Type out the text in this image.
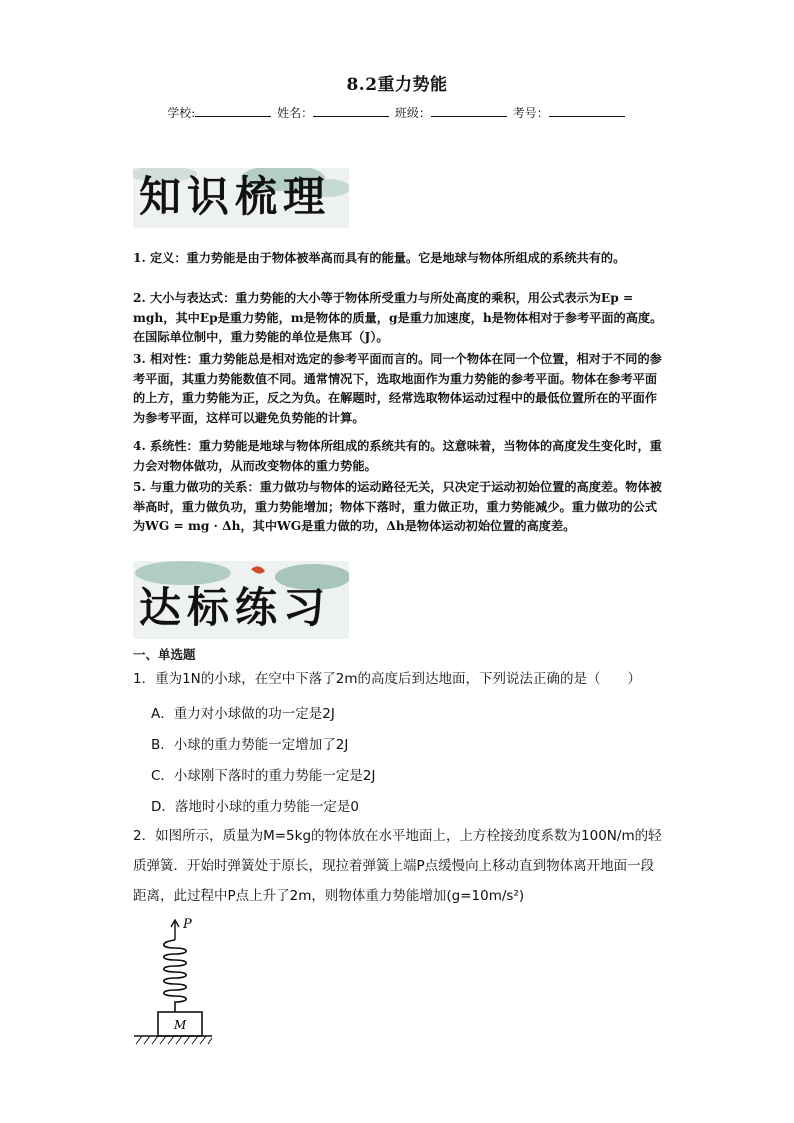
8.2重力势能
学校:	姓名：	班级：	考号：
知识梳理
1. 定义：重力势能是由于物体被举高而具有的能量。它是地球与物体所组成的系统共有的。
2. 大小与表达式：重力势能的大小等于物体所受重力与所处高度的乘积，用公式表示为Ep = mgh，其中Ep是重力势能，m是物体的质量，g是重力加速度，h是物体相对于参考平面的高度。在国际单位制中，重力势能的单位是焦耳（J）。
3. 相对性：重力势能总是相对选定的参考平面而言的。同一个物体在同一个位置，相对于不同的参考平面，其重力势能数值不同。通常情况下，选取地面作为重力势能的参考平面。物体在参考平面的上方，重力势能为正，反之为负。在解题时，经常选取物体运动过程中的最低位置所在的平面作为参考平面，这样可以避免负势能的计算。
4. 系统性：重力势能是地球与物体所组成的系统共有的。这意味着，当物体的高度发生变化时，重力会对物体做功，从而改变物体的重力势能。
5. 与重力做功的关系：重力做功与物体的运动路径无关，只决定于运动初始位置的高度差。物体被举高时，重力做负功，重力势能增加；物体下落时，重力做正功，重力势能减少。重力做功的公式为WG = mg · Δh，其中WG是重力做的功，Δh是物体运动初始位置的高度差。
达标练习
一、单选题
1．重为1N的小球，在空中下落了2m的高度后到达地面，下列说法正确的是（　　）
A．重力对小球做的功一定是2J
B．小球的重力势能一定增加了2J
C．小球刚下落时的重力势能一定是2J
D．落地时小球的重力势能一定是0
2．如图所示，质量为M=5kg的物体放在水平地面上，上方栓接劲度系数为100N/m的轻质弹簧．开始时弹簧处于原长，现拉着弹簧上端P点缓慢向上移动直到物体离开地面一段距离，此过程中P点上升了2m，则物体重力势能增加(g=10m/s²)
P
M
